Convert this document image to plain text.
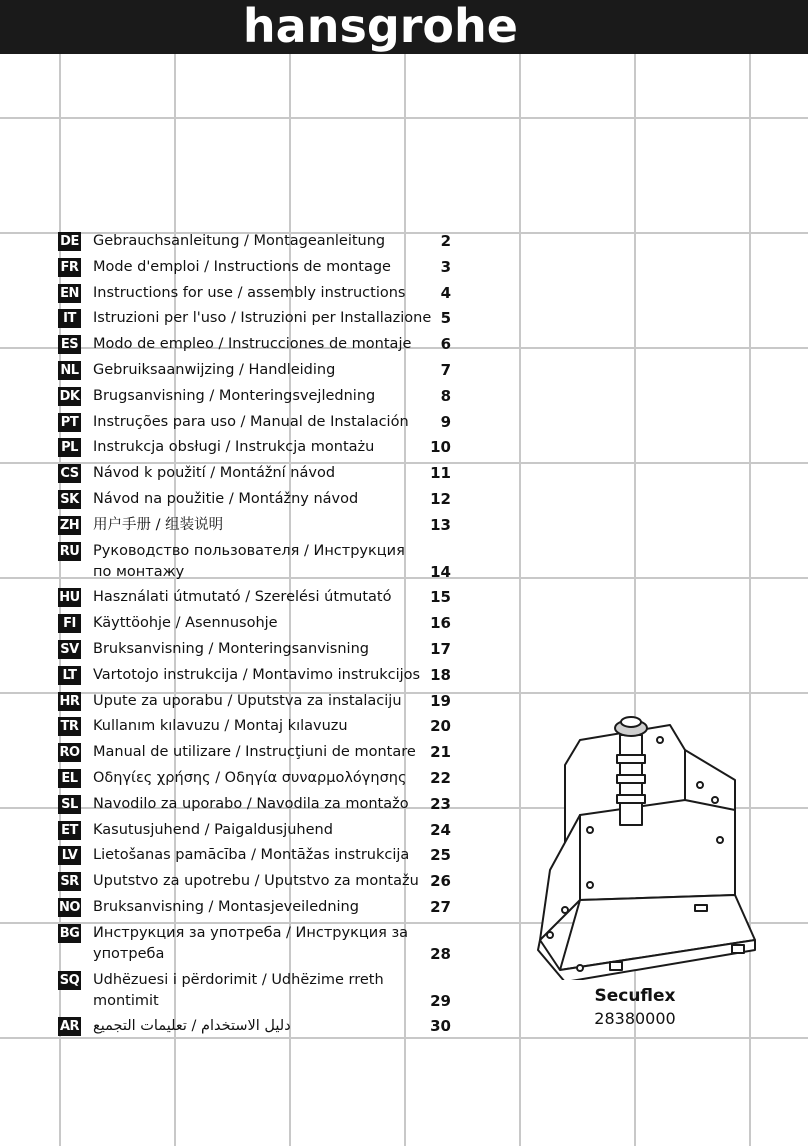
hansgrohe
DE Gebrauchsanleitung / Montageanleitung	2
FR Mode d'emploi / Instructions de montage	3
EN Instructions for use / assembly instructions	4
IT	Istruzioni per l'uso / Istruzioni per Installazione 5
ES Modo de empleo / Instrucciones de montaje	6
NL Gebruiksaanwijzing / Handleiding	7
DK Brugsanvisning / Monteringsvejledning	8
PT Instruções para uso / Manual de Instalación	9
PL Instrukcja obsługi / Instrukcja montażu	10
CS Návod k použití / Montážní návod	11
SK Návod na použitie / Montážny návod	12
ZH 用户手册 / 组装说明	13
RU Руководство пользователя / Инструкция по монтажу	14
HU Használati útmutató / Szerelési útmutató	15
FI	Käyttöohje / Asennusohje	16
SV Bruksanvisning / Monteringsanvisning	17
LT	Vartotojo instrukcija / Montavimo instrukcijos 18
HR Upute za uporabu / Uputstva za instalaciju	19
TR Kullanım kılavuzu / Montaj kılavuzu	20
RO Manual de utilizare / Instrucţiuni de montare 21
EL Οδηγίες χρήσης / Οδηγία συναρμολόγησης	22
SL Navodilo za uporabo / Navodila za montažo	23
ET Kasutusjuhend / Paigaldusjuhend	24
LV Lietošanas pamācība / Montāžas instrukcija	25
SR Uputstvo za upotrebu / Uputstvo za montažu 26
NO Bruksanvisning / Montasjeveiledning	27
BG Инструкция за употреба / Инструкция за употреба	28
SQ Udhëzuesi i përdorimit / Udhëzime rreth montimit	29
AR دليل الاستخدام / تعليمات التجميع	30
Secuflex
28380000
